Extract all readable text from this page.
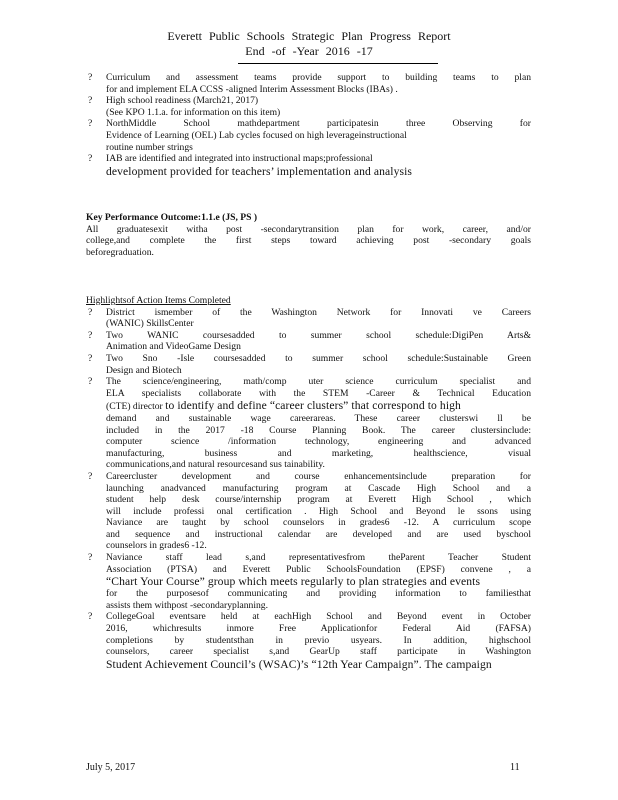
Everett Public Schools Strategic Plan Progress Report
End -of -Year 2016 -17
? Curriculum and assessment teams provide support to building teams to plan
for and implement ELA CCSS -aligned Interim Assessment Blocks (IBAs) .
? High school readiness (March21, 2017)
(See KPO 1.1.a. for information on this item)
? NorthMiddle School mathdepartment participatesin three Observing for
Evidence of Learning (OEL) Lab cycles focused on high leverageinstructional
routine number strings
? IAB are identified and integrated into instructional maps;professional
development provided for teachers’ implementation and analysis
Key Performance Outcome:1.1.e (JS, PS )
All graduatesexit witha post -secondarytransition plan for work, career, and/or
college,and complete the first steps toward achieving post -secondary goals
beforegraduation.
Highlightsof Action Items Completed
? District ismember of the Washington Network for Innovati ve Careers
(WANIC) SkillsCenter
? Two WANIC coursesadded to summer school schedule:DigiPen Arts&
Animation and VideoGame Design
? Two Sno -Isle coursesadded to summer school schedule:Sustainable Green
Design and Biotech
? The science/engineering, math/comp uter science curriculum specialist and
ELA specialists collaborate with the STEM -Career & Technical Education
(CTE) director to identify and define “career clusters” that correspond to high
demand and sustainable wage careerareas. These career clusterswi ll be
included in the 2017 -18 Course Planning Book. The career clustersinclude:
computer science /information technology, engineering and advanced
manufacturing, business and marketing, healthscience, visual
communications,and natural resourcesand sus tainability.
? Careercluster development and course enhancementsinclude preparation for
launching anadvanced manufacturing program at Cascade High School and a
student help desk course/internship program at Everett High School , which
will include professi onal certification . High School and Beyond le ssons using
Naviance are taught by school counselors in grades6 -12. A curriculum scope
and sequence and instructional calendar are developed and are used byschool
counselors in grades6 -12.
? Naviance staff lead s,and representativesfrom theParent Teacher Student
Association (PTSA) and Everett Public SchoolsFoundation (EPSF) convene , a
“Chart Your Course” group which meets regularly to plan strategies and events
for the purposesof communicating and providing information to familiesthat
assists them withpost -secondaryplanning.
? CollegeGoal eventsare held at eachHigh School and Beyond event in October
2016, whichresults inmore Free Applicationfor Federal Aid (FAFSA)
completions by studentsthan in previo usyears. In addition, highschool
counselors, career specialist s,and GearUp staff participate in Washington
Student Achievement Council’s (WSAC)’s “12th Year Campaign”. The campaign
July 5, 2017	11
